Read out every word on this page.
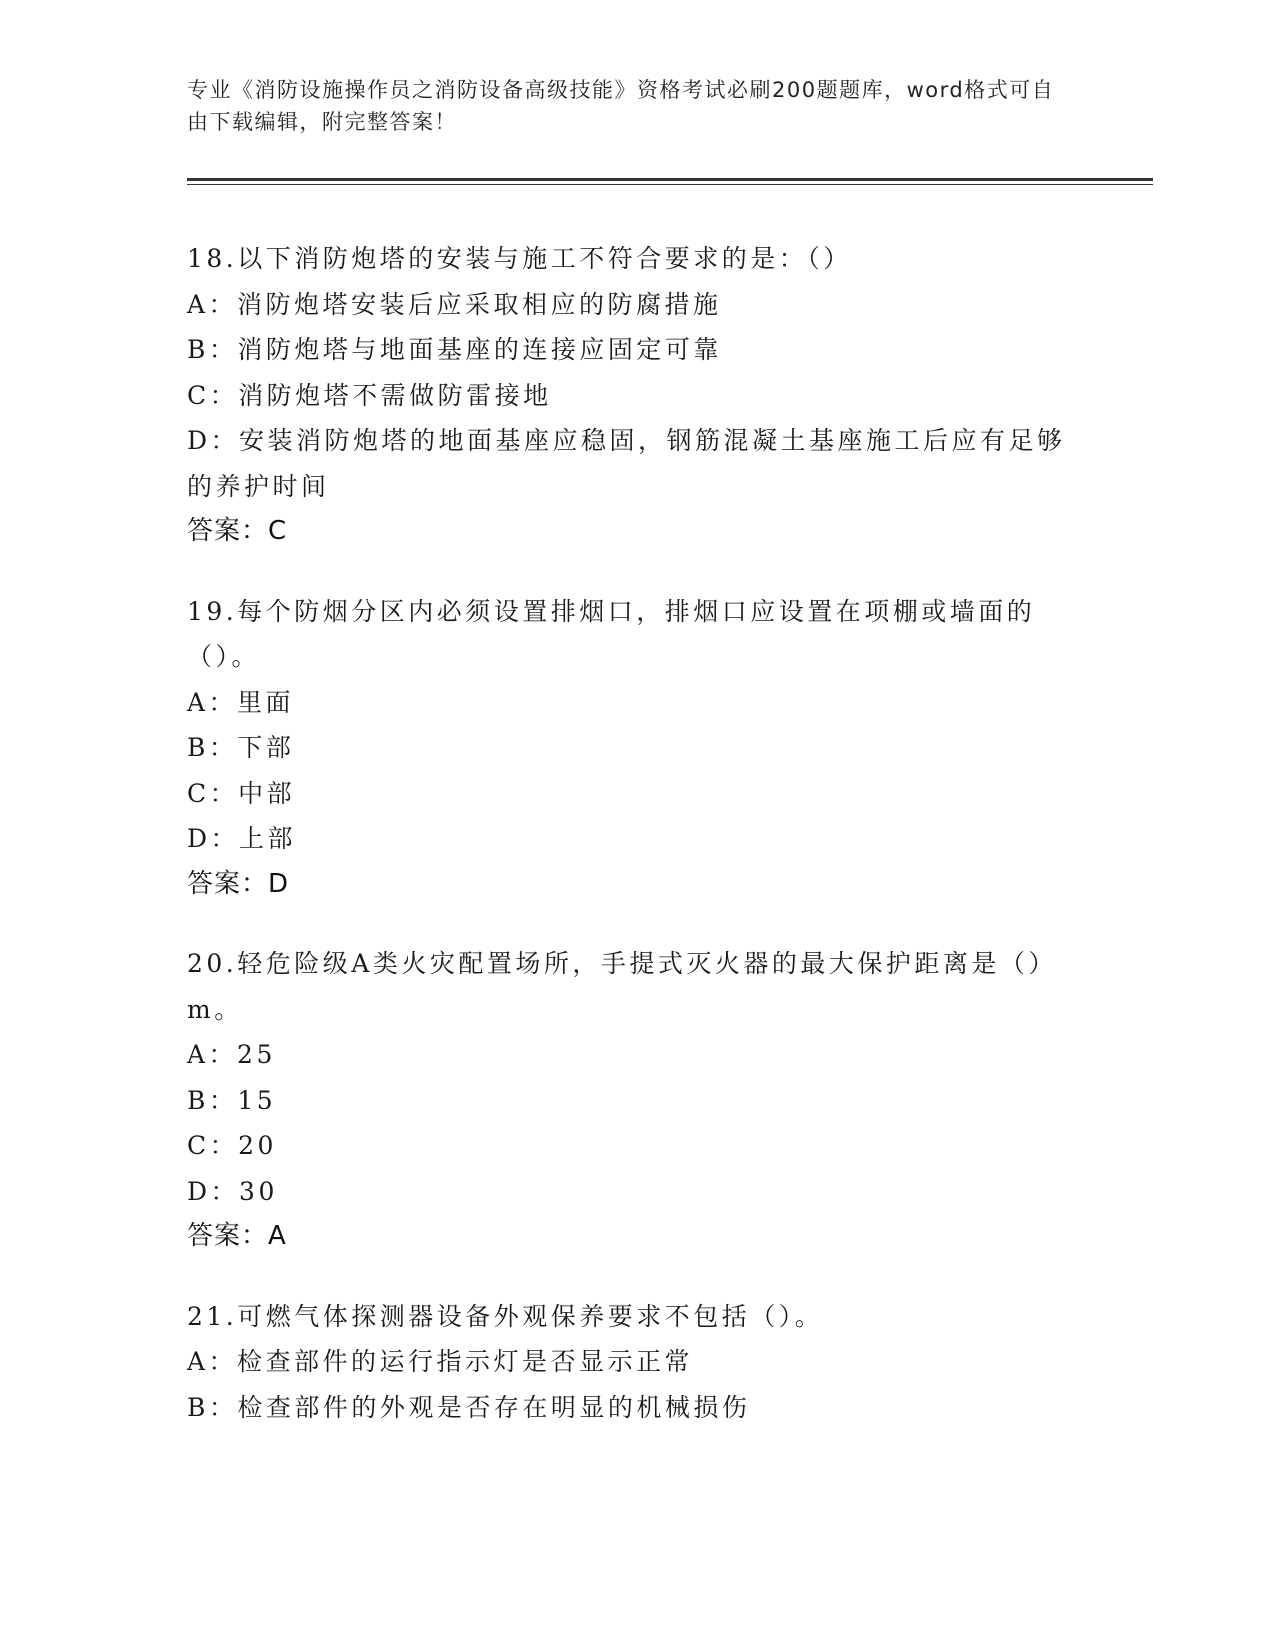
专业《消防设施操作员之消防设备高级技能》资格考试必刷200题题库，word格式可自由下载编辑，附完整答案！
18.以下消防炮塔的安装与施工不符合要求的是：（）
A：消防炮塔安装后应采取相应的防腐措施
B：消防炮塔与地面基座的连接应固定可靠
C：消防炮塔不需做防雷接地
D：安装消防炮塔的地面基座应稳固，钢筋混凝土基座施工后应有足够的养护时间
答案：C
19.每个防烟分区内必须设置排烟口，排烟口应设置在项棚或墙面的（）。
A：里面
B：下部
C：中部
D：上部
答案：D
20.轻危险级A类火灾配置场所，手提式灭火器的最大保护距离是（）m。
A：25
B：15
C：20
D：30
答案：A
21.可燃气体探测器设备外观保养要求不包括（）。
A：检查部件的运行指示灯是否显示正常
B：检查部件的外观是否存在明显的机械损伤
